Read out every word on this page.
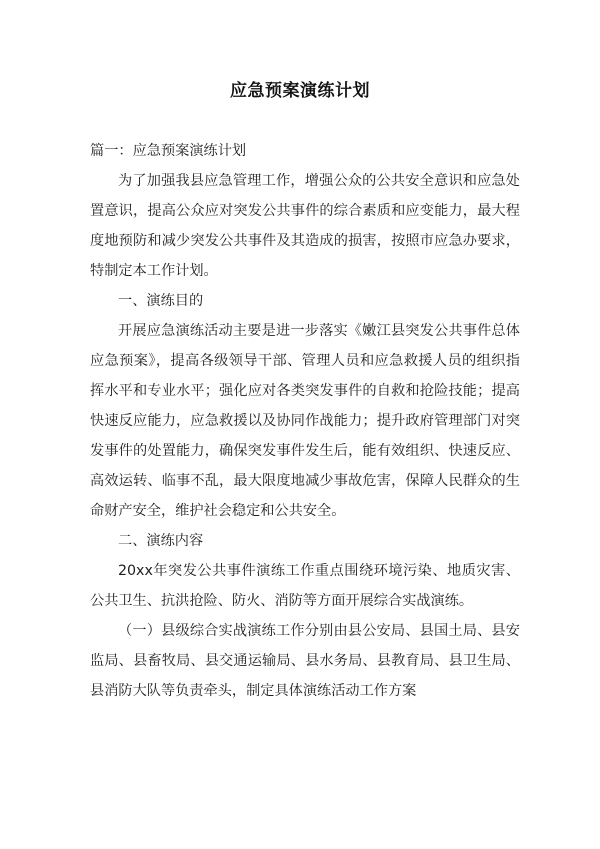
应急预案演练计划

篇一：应急预案演练计划

为了加强我县应急管理工作，增强公众的公共安全意识和应急处置意识，提高公众应对突发公共事件的综合素质和应变能力，最大程度地预防和减少突发公共事件及其造成的损害，按照市应急办要求，特制定本工作计划。

一、演练目的

开展应急演练活动主要是进一步落实《嫩江县突发公共事件总体应急预案》，提高各级领导干部、管理人员和应急救援人员的组织指挥水平和专业水平；强化应对各类突发事件的自救和抢险技能；提高快速反应能力，应急救援以及协同作战能力；提升政府管理部门对突发事件的处置能力，确保突发事件发生后，能有效组织、快速反应、高效运转、临事不乱，最大限度地减少事故危害，保障人民群众的生命财产安全，维护社会稳定和公共安全。

二、演练内容

20xx年突发公共事件演练工作重点围绕环境污染、地质灾害、公共卫生、抗洪抢险、防火、消防等方面开展综合实战演练。

（一）县级综合实战演练工作分别由县公安局、县国土局、县安监局、县畜牧局、县交通运输局、县水务局、县教育局、县卫生局、县消防大队等负责牵头，制定具体演练活动工作方案
